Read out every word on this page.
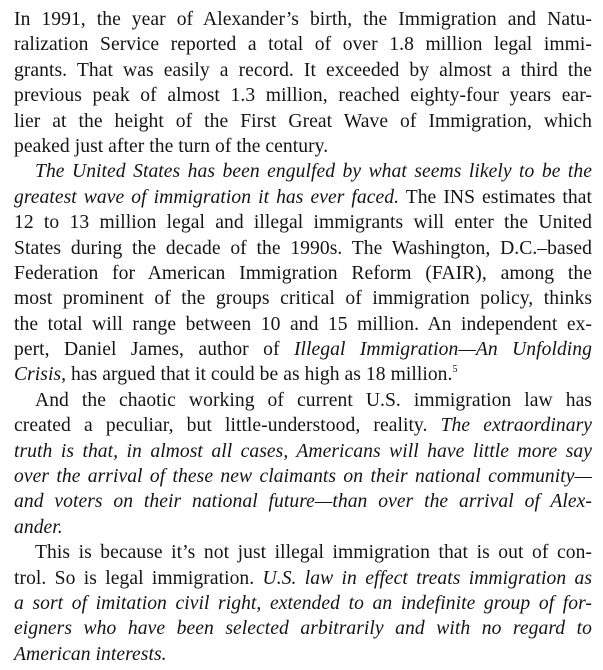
In 1991, the year of Alexander’s birth, the Immigration and Natu-
ralization Service reported a total of over 1.8 million legal immi-
grants. That was easily a record. It exceeded by almost a third the
previous peak of almost 1.3 million, reached eighty-four years ear-
lier at the height of the First Great Wave of Immigration, which
peaked just after the turn of the century.
The United States has been engulfed by what seems likely to be the
greatest wave of immigration it has ever faced. The INS estimates that
12 to 13 million legal and illegal immigrants will enter the United
States during the decade of the 1990s. The Washington, D.C.–based
Federation for American Immigration Reform (FAIR), among the
most prominent of the groups critical of immigration policy, thinks
the total will range between 10 and 15 million. An independent ex-
pert, Daniel James, author of Illegal Immigration—An Unfolding
Crisis, has argued that it could be as high as 18 million.$^5$
And the chaotic working of current U.S. immigration law has
created a peculiar, but little-understood, reality. The extraordinary
truth is that, in almost all cases, Americans will have little more say
over the arrival of these new claimants on their national community—
and voters on their national future—than over the arrival of Alex-
ander.
This is because it’s not just illegal immigration that is out of con-
trol. So is legal immigration. U.S. law in effect treats immigration as
a sort of imitation civil right, extended to an indefinite group of for-
eigners who have been selected arbitrarily and with no regard to
American interests.
